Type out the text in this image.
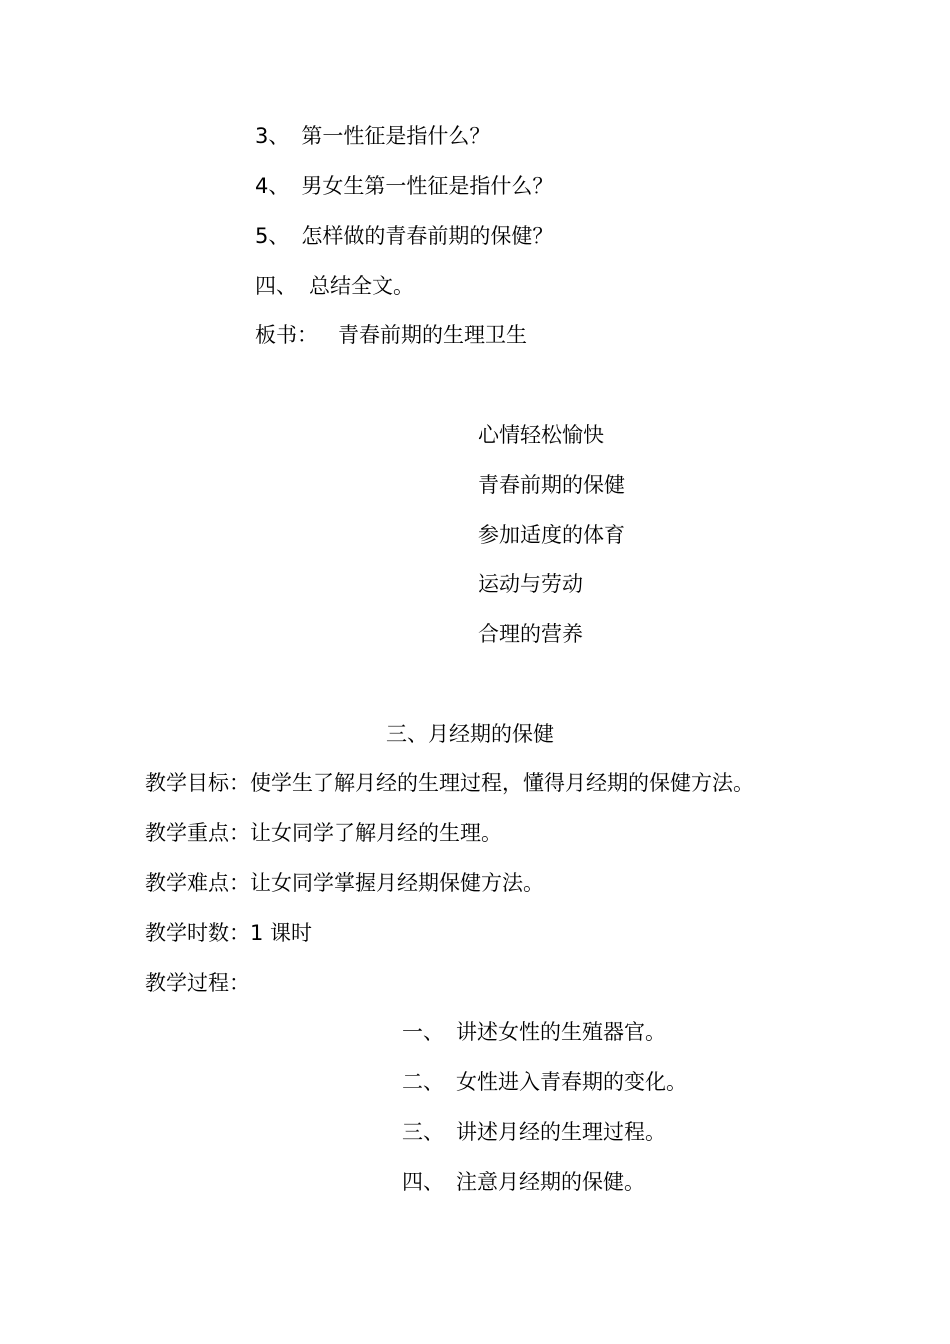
3、 第一性征是指什么？
4、 男女生第一性征是指什么？
5、 怎样做的青春前期的保健？
四、 总结全文。
板书： 青春前期的生理卫生
心情轻松愉快
青春前期的保健
参加适度的体育
运动与劳动
合理的营养
三、月经期的保健
教学目标：使学生了解月经的生理过程，懂得月经期的保健方法。
教学重点：让女同学了解月经的生理。
教学难点：让女同学掌握月经期保健方法。
教学时数：1 课时
教学过程：
一、 讲述女性的生殖器官。
二、 女性进入青春期的变化。
三、 讲述月经的生理过程。
四、 注意月经期的保健。
